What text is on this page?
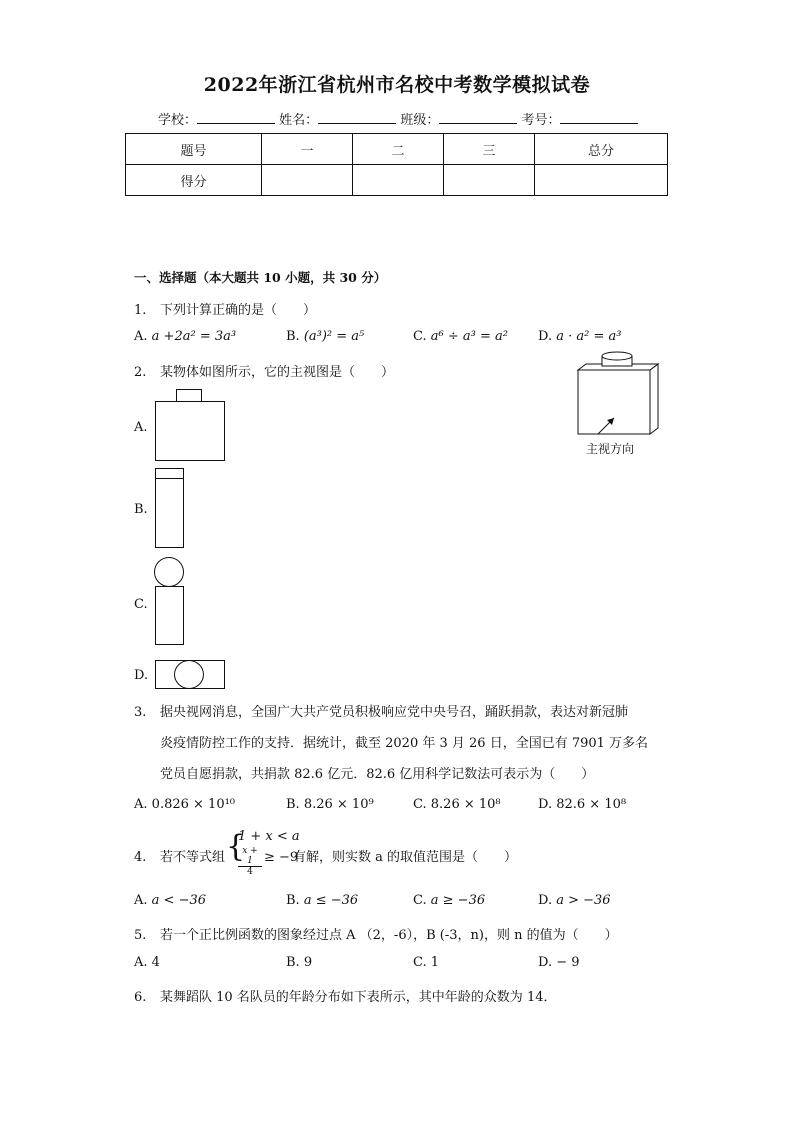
2022年浙江省杭州市名校中考数学模拟试卷
学校：	姓名：	班级：	考号：
题号	一	二	三	总分
得分				
一、选择题（本大题共 10 小题，共 30 分）
1. 下列计算正确的是（　　）
A. a +2a² = 3a³	B. (a³)² = a⁵	C. a⁶ ÷ a³ = a² D. a · a² = a³
2. 某物体如图所示，它的主视图是（　　）
主视方向
A.
B.
C.
D.
3.	据央视网消息，全国广大共产党员积极响应党中央号召，踊跃捐款，表达对新冠肺
炎疫情防控工作的支持．据统计，截至 2020 年 3 月 26 日，全国已有 7901 万多名
党员自愿捐款，共捐款 82.6 亿元．82.6 亿用科学记数法可表示为（　　）
A. 0.826 × 10¹⁰	B. 8.26 × 10⁹	C. 8.26 × 10⁸	D. 82.6 × 10⁸
4. 若不等式组 {
1 + x < a
x + 1
4
≥ −9
有解，则实数 a 的取值范围是（　　）
A. a < −36	B. a ≤ −36	C. a ≥ −36	D. a > −36
5. 若一个正比例函数的图象经过点 A （2，-6），B (-3，n)，则 n 的值为（　　）
A. 4	B. 9	C. 1	D. − 9
6. 某舞蹈队 10 名队员的年龄分布如下表所示，其中年龄的众数为 14．
